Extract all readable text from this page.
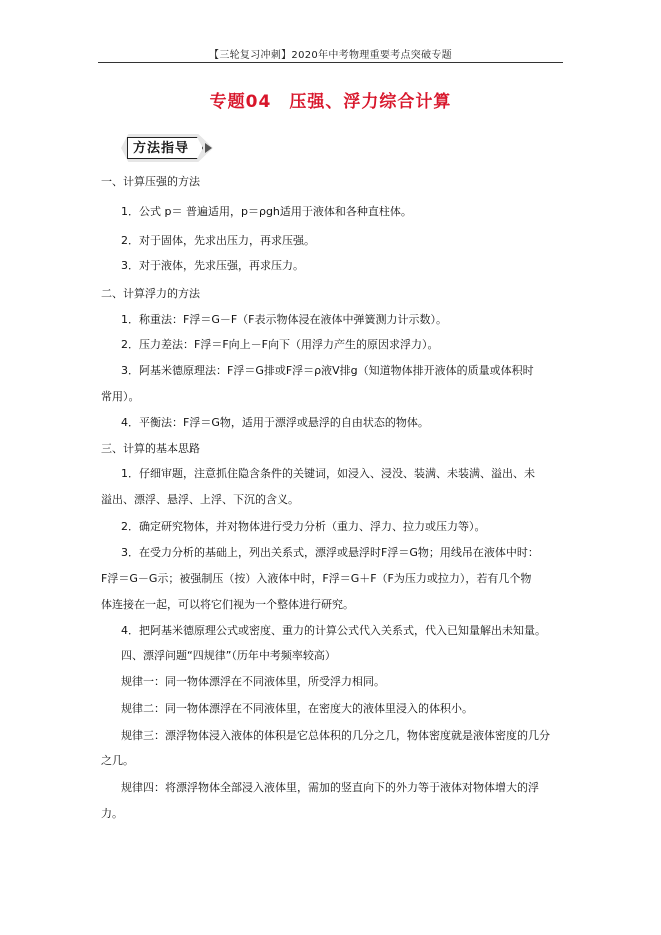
【三轮复习冲刺】2020年中考物理重要考点突破专题
专题04　压强、浮力综合计算
方法指导
一、计算压强的方法
1．公式 p＝ 普遍适用，p＝ρgh适用于液体和各种直柱体。
2．对于固体，先求出压力，再求压强。
3．对于液体，先求压强，再求压力。
二、计算浮力的方法
1．称重法：F浮＝G－F（F表示物体浸在液体中弹簧测力计示数）。
2．压力差法：F浮＝F向上－F向下（用浮力产生的原因求浮力）。
3．阿基米德原理法：F浮＝G排或F浮＝ρ液V排g（知道物体排开液体的质量或体积时
常用）。
4．平衡法：F浮＝G物，适用于漂浮或悬浮的自由状态的物体。
三、计算的基本思路
1．仔细审题，注意抓住隐含条件的关键词，如浸入、浸没、装满、未装满、溢出、未
溢出、漂浮、悬浮、上浮、下沉的含义。
2．确定研究物体，并对物体进行受力分析（重力、浮力、拉力或压力等）。
3．在受力分析的基础上，列出关系式，漂浮或悬浮时F浮＝G物；用线吊在液体中时：
F浮＝G－G示；被强制压（按）入液体中时，F浮＝G＋F（F为压力或拉力），若有几个物
体连接在一起，可以将它们视为一个整体进行研究。
4．把阿基米德原理公式或密度、重力的计算公式代入关系式，代入已知量解出未知量。
四、漂浮问题“四规律”（历年中考频率较高）
规律一：同一物体漂浮在不同液体里，所受浮力相同。
规律二：同一物体漂浮在不同液体里，在密度大的液体里浸入的体积小。
规律三：漂浮物体浸入液体的体积是它总体积的几分之几，物体密度就是液体密度的几分
之几。
规律四：将漂浮物体全部浸入液体里，需加的竖直向下的外力等于液体对物体增大的浮
力。
